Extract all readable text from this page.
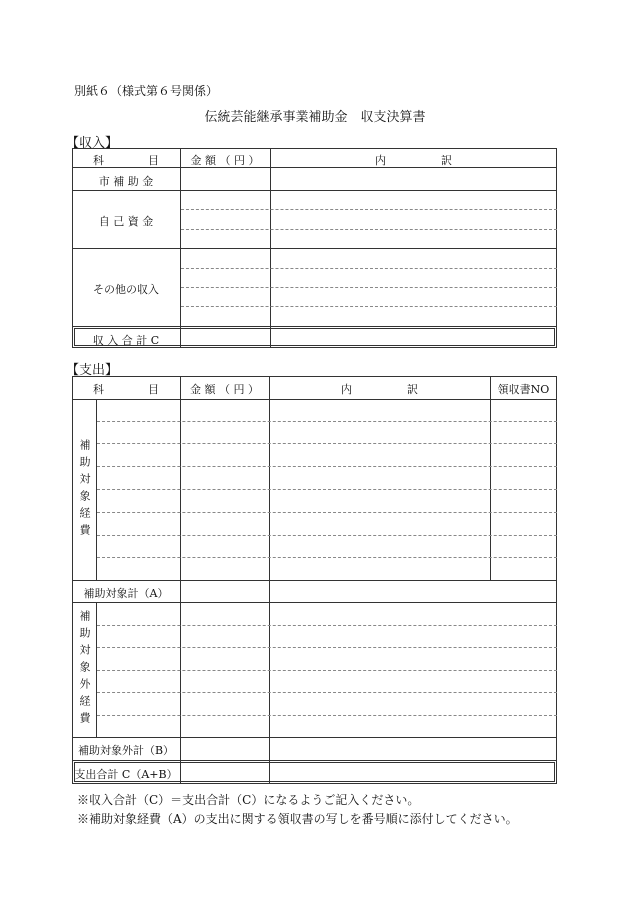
別紙６（様式第６号関係）
伝統芸能継承事業補助金　収支決算書
【収入】
科　　　　目	金 額 （ 円 ）	内　　　　　訳
市 補 助 金
自 己 資 金
その他の収入
収 入 合 計 C
【支出】
科　　　　目	金 額 （ 円 ）	内　　　　　訳	領収書NO
補助対象経費
補助対象計（A）
補助対象外経費
補助対象外計（B）
支出合計 C（A+B）
※収入合計（C）＝支出合計（C）になるようご記入ください。
※補助対象経費（A）の支出に関する領収書の写しを番号順に添付してください。
